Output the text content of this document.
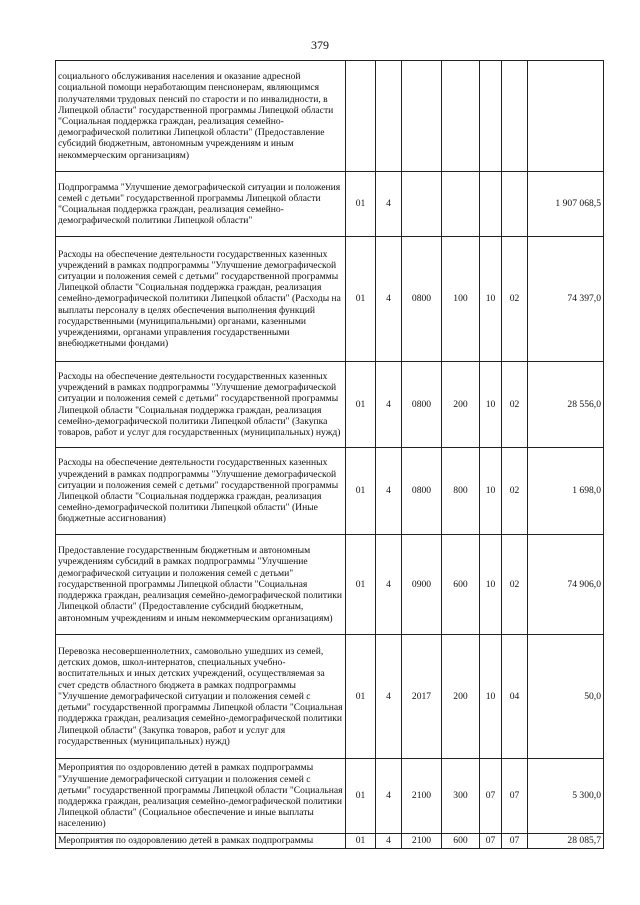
379
социального обслуживания населения и оказание адресной социальной помощи неработающим пенсионерам, являющимся получателями трудовых пенсий по старости и по инвалидности, в Липецкой области" государственной программы Липецкой области "Социальная поддержка граждан, реализация семейно-демографической политики Липецкой области" (Предоставление субсидий бюджетным, автономным учреждениям и иным некоммерческим организациям)							
Подпрограмма "Улучшение демографической ситуации и положения семей с детьми" государственной программы Липецкой области "Социальная поддержка граждан, реализация семейно-демографической политики Липецкой области"	01	4					1 907 068,5
Расходы на обеспечение деятельности государственных казенных учреждений в рамках подпрограммы "Улучшение демографической ситуации и положения семей с детьми" государственной программы Липецкой области "Социальная поддержка граждан, реализация семейно-демографической политики Липецкой области" (Расходы на выплаты персоналу в целях обеспечения выполнения функций государственными (муниципальными) органами, казенными учреждениями, органами управления государственными внебюджетными фондами)	01	4	0800	100	10	02	74 397,0
Расходы на обеспечение деятельности государственных казенных учреждений в рамках подпрограммы "Улучшение демографической ситуации и положения семей с детьми" государственной программы Липецкой области "Социальная поддержка граждан, реализация семейно-демографической политики Липецкой области" (Закупка товаров, работ и услуг для государственных (муниципальных) нужд)	01	4	0800	200	10	02	28 556,0
Расходы на обеспечение деятельности государственных казенных учреждений в рамках подпрограммы "Улучшение демографической ситуации и положения семей с детьми" государственной программы Липецкой области "Социальная поддержка граждан, реализация семейно-демографической политики Липецкой области" (Иные бюджетные ассигнования)	01	4	0800	800	10	02	1 698,0
Предоставление государственным бюджетным и автономным учреждениям субсидий в рамках подпрограммы "Улучшение демографической ситуации и положения семей с детьми" государственной программы Липецкой области "Социальная поддержка граждан, реализация семейно-демографической политики Липецкой области" (Предоставление субсидий бюджетным, автономным учреждениям и иным некоммерческим организациям)	01	4	0900	600	10	02	74 906,0
Перевозка несовершеннолетних, самовольно ушедших из семей, детских домов, школ-интернатов, специальных учебно-воспитательных и иных детских учреждений, осуществляемая за счет средств областного бюджета в рамках подпрограммы "Улучшение демографической ситуации и положения семей с детьми" государственной программы Липецкой области "Социальная поддержка граждан, реализация семейно-демографической политики Липецкой области" (Закупка товаров, работ и услуг для государственных (муниципальных) нужд)	01	4	2017	200	10	04	50,0
Мероприятия по оздоровлению детей в рамках подпрограммы "Улучшение демографической ситуации и положения семей с детьми" государственной программы Липецкой области "Социальная поддержка граждан, реализация семейно-демографической политики Липецкой области" (Социальное обеспечение и иные выплаты населению)	01	4	2100	300	07	07	5 300,0
Мероприятия по оздоровлению детей в рамках подпрограммы	01	4	2100	600	07	07	28 085,7
